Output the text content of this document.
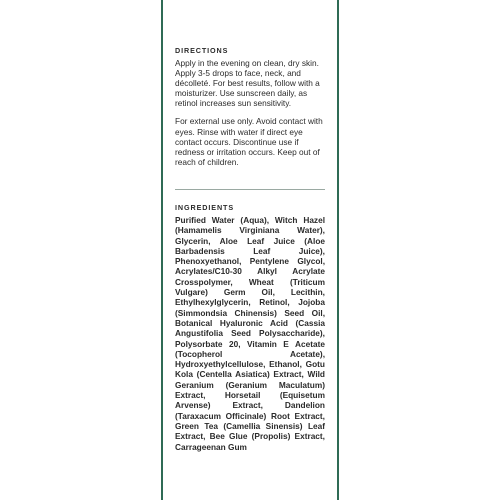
DIRECTIONS

Apply in the evening on clean, dry skin. Apply 3-5 drops to face, neck, and décolleté. For best results, follow with a moisturizer. Use sunscreen daily, as retinol increases sun sensitivity.

For external use only. Avoid contact with eyes. Rinse with water if direct eye contact occurs. Discontinue use if redness or irritation occurs. Keep out of reach of children.

INGREDIENTS

Purified Water (Aqua), Witch Hazel (Hamamelis Virginiana Water), Glycerin, Aloe Leaf Juice (Aloe Barbadensis Leaf Juice), Phenoxyethanol, Pentylene Glycol, Acrylates/C10-30 Alkyl Acrylate Crosspolymer, Wheat (Triticum Vulgare) Germ Oil, Lecithin, Ethylhexylglycerin, Retinol, Jojoba (Simmondsia Chinensis) Seed Oil, Botanical Hyaluronic Acid (Cassia Angustifolia Seed Polysaccharide), Polysorbate 20, Vitamin E Acetate (Tocopherol Acetate), Hydroxyethylcellulose, Ethanol, Gotu Kola (Centella Asiatica) Extract, Wild Geranium (Geranium Maculatum) Extract, Horsetail (Equisetum Arvense) Extract, Dandelion (Taraxacum Officinale) Root Extract, Green Tea (Camellia Sinensis) Leaf Extract, Bee Glue (Propolis) Extract, Carrageenan Gum
